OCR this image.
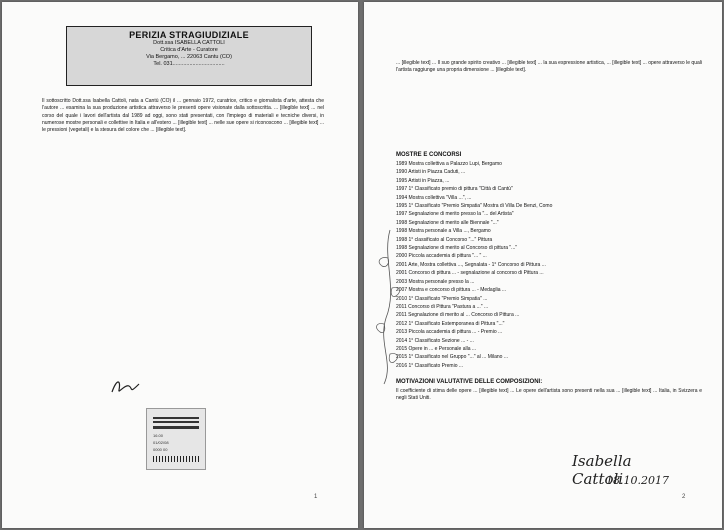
PERIZIA STRAGIUDIZIALE
Dott.ssa ISABELLA CATTOLI
Critica d'Arte - Curatore
Via Bergamo, ... 22063 Cantu (CO)
Tel. 031..................................
Il sottoscritto Dott.ssa Isabella Cattoli, nata a Cantù (CO) il ... gennaio 1972, curatrice, critico e giornalista d'arte, attesta che l'autore ... esamina la sua produzione artistica attraverso le presenti opere visionate dalla sottoscritta. ... [illegible text] ... nel corso del quale i lavori dell'artista dal 1989 ad oggi, sono stati presentati, con l'impiego di materiali e tecniche diversi, in numerose mostre personali e collettive in Italia e all'estero ... [illegible text] ... nelle sue opere si riconoscono ... [illegible text] ... le pressioni (vegetali) e la stesura del colore che ... [illegible text].
16.00
01/02/08
0000 00
1
... [illegible text] ... Il suo grande spirito creativo ... [illegible text] ... la sua espressione artistica, ... [illegible text] ... opere attraverso le quali l'artista raggiunge una propria dimensione ... [illegible text].
MOSTRE E CONCORSI
1989 Mostra collettiva a Palazzo Lupi, Bergamo
1990 Artisti in Piazza Caduti, ...
1995 Artisti in Piazza, ...
1997 1° Classificato premio di pittura "Città di Cantù"
1994 Mostra collettiva "Villa ...", ...
1995 1° Classificato "Premio Simpatia" Mostra di Villa De Benzi, Como
1997 Segnalazione di merito presso la "... del Artista"
1998 Segnalazione di merito alle Biennale "..."
1998 Mostra personale a Villa ..., Bergamo
1998 1° classificato al Concorso "..." Pittura
1998 Segnalazione di merito al Concorso di pittura "..."
2000 Piccola accademia di pittura "... " ...
2001 Arte, Mostra collettiva ..., Segnalata - 1° Concorso di Pittura ...
2001 Concorso di pittura ... - segnalazione al concorso di Pittura ...
2003 Mostra personale presso la ...
2007 Mostra e concorso di pittura ... - Medaglia ...
2010 1° Classificato "Premio Simpatia" ...
2011 Concorso di Pittura "Pastura a ..." ...
2011 Segnalazione di merito al ... Concorso di Pittura ...
2012 1° Classificato Estemporanea di Pittura "..."
2013 Piccola accademia di pittura ... - Premio ...
2014 1° Classificato Sezione ... - ...
2015 Opere in ... e Personale alla ...
2015 1° Classificato nel Gruppo "..." al ... Milano ...
2016 1° Classificato Premio ...
MOTIVAZIONI VALUTATIVE DELLE COMPOSIZIONI:
Il coefficiente di stima delle opere ... [illegible text] ... Le opere dell'artista sono presenti nella sua ... [illegible text] ... Italia, in Svizzera e negli Stati Uniti.
Isabella Cattoli
18.10.2017
2
